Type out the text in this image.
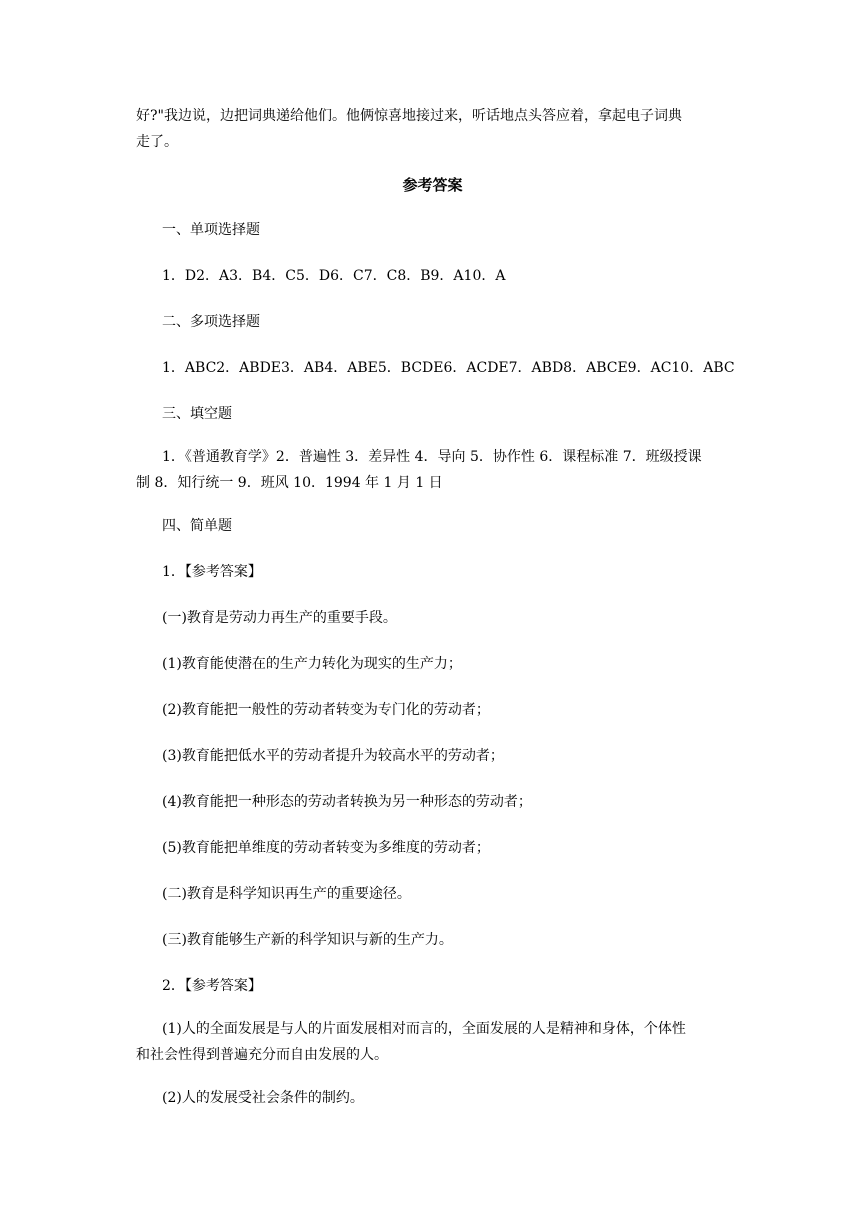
好?"我边说，边把词典递给他们。他俩惊喜地接过来，听话地点头答应着，拿起电子词典
走了。
参考答案
一、单项选择题
1．D2．A3．B4．C5．D6．C7．C8．B9．A10．A
二、多项选择题
1．ABC2．ABDE3．AB4．ABE5．BCDE6．ACDE7．ABD8．ABCE9．AC10．ABC
三、填空题
1．《普通教育学》2．普遍性 3．差异性 4．导向 5．协作性 6．课程标准 7．班级授课
制 8．知行统一 9．班风 10．1994 年 1 月 1 日
四、简单题
1．【参考答案】
(一)教育是劳动力再生产的重要手段。
(1)教育能使潜在的生产力转化为现实的生产力；
(2)教育能把一般性的劳动者转变为专门化的劳动者；
(3)教育能把低水平的劳动者提升为较高水平的劳动者；
(4)教育能把一种形态的劳动者转换为另一种形态的劳动者；
(5)教育能把单维度的劳动者转变为多维度的劳动者；
(二)教育是科学知识再生产的重要途径。
(三)教育能够生产新的科学知识与新的生产力。
2．【参考答案】
(1)人的全面发展是与人的片面发展相对而言的，全面发展的人是精神和身体，个体性
和社会性得到普遍充分而自由发展的人。
(2)人的发展受社会条件的制约。
